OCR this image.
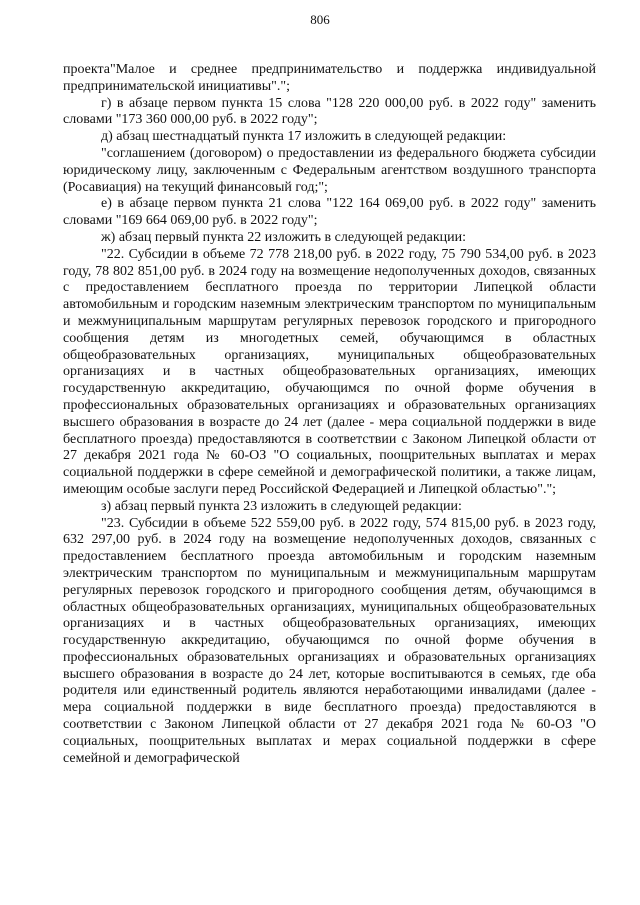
806

проекта"Малое и среднее предпринимательство и поддержка индивидуальной предпринимательской инициативы".";

г) в абзаце первом пункта 15 слова "128 220 000,00 руб. в 2022 году" заменить словами "173 360 000,00 руб. в 2022 году";

д) абзац шестнадцатый пункта 17 изложить в следующей редакции:

"соглашением (договором) о предоставлении из федерального бюджета субсидии юридическому лицу, заключенным с Федеральным агентством воздушного транспорта (Росавиация) на текущий финансовый год;";

е) в абзаце первом пункта 21 слова "122 164 069,00 руб. в 2022 году" заменить словами "169 664 069,00 руб. в 2022 году";

ж) абзац первый пункта 22 изложить в следующей редакции:

"22. Субсидии в объеме 72 778 218,00 руб. в 2022 году, 75 790 534,00 руб. в 2023 году, 78 802 851,00 руб. в 2024 году на возмещение недополученных доходов, связанных с предоставлением бесплатного проезда по территории Липецкой области автомобильным и городским наземным электрическим транспортом по муниципальным и межмуниципальным маршрутам регулярных перевозок городского и пригородного сообщения детям из многодетных семей, обучающимся в областных общеобразовательных организациях, муниципальных общеобразовательных организациях и в частных общеобразовательных организациях, имеющих государственную аккредитацию, обучающимся по очной форме обучения в профессиональных образовательных организациях и образовательных организациях высшего образования в возрасте до 24 лет (далее - мера социальной поддержки в виде бесплатного проезда) предоставляются в соответствии с Законом Липецкой области от 27 декабря 2021 года № 60-ОЗ "О социальных, поощрительных выплатах и мерах социальной поддержки в сфере семейной и демографической политики, а также лицам, имеющим особые заслуги перед Российской Федерацией и Липецкой областью".";

з) абзац первый пункта 23 изложить в следующей редакции:

"23. Субсидии в объеме 522 559,00 руб. в 2022 году, 574 815,00 руб. в 2023 году, 632 297,00 руб. в 2024 году на возмещение недополученных доходов, связанных с предоставлением бесплатного проезда автомобильным и городским наземным электрическим транспортом по муниципальным и межмуниципальным маршрутам регулярных перевозок городского и пригородного сообщения детям, обучающимся в областных общеобразовательных организациях, муниципальных общеобразовательных организациях и в частных общеобразовательных организациях, имеющих государственную аккредитацию, обучающимся по очной форме обучения в профессиональных образовательных организациях и образовательных организациях высшего образования в возрасте до 24 лет, которые воспитываются в семьях, где оба родителя или единственный родитель являются неработающими инвалидами (далее - мера социальной поддержки в виде бесплатного проезда) предоставляются в соответствии с Законом Липецкой области от 27 декабря 2021 года № 60-ОЗ "О социальных, поощрительных выплатах и мерах социальной поддержки в сфере семейной и демографической
